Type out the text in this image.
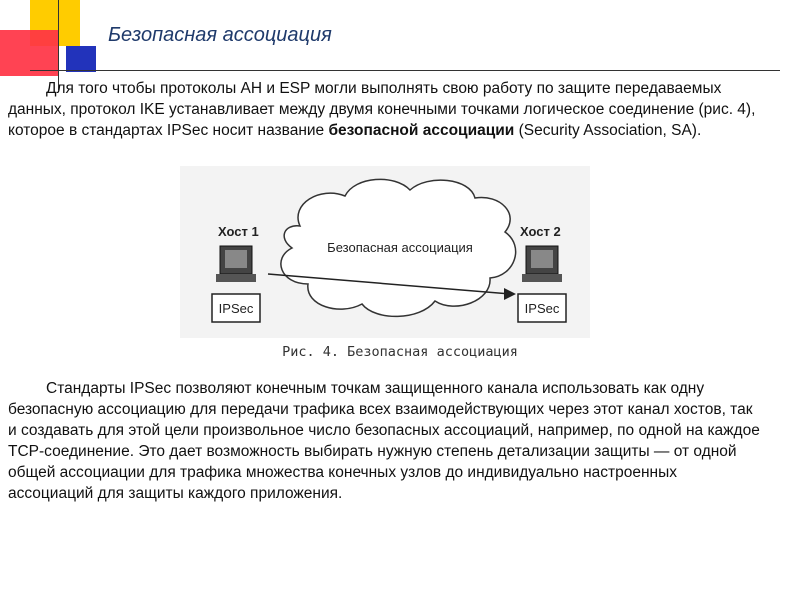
Безопасная ассоциация
Для того чтобы протоколы AH и ESP могли выполнять свою работу по защите передаваемых данных, протокол IKE устанавливает между двумя конечными точками логическое соединение (рис. 4), которое в стандартах IPSec носит название безопасной ассоциации (Security Association, SA).
Безопасная ассоциация
Хост 1
IPSec
Хост 2
IPSec
Рис. 4. Безопасная ассоциация
Стандарты IPSec позволяют конечным точкам защищенного канала использовать как одну безопасную ассоциацию для передачи трафика всех взаимодействующих через этот канал хостов, так и создавать для этой цели произвольное число безопасных ассоциаций, например, по одной на каждое TCP-соединение. Это дает возможность выбирать нужную степень детализации защиты — от одной общей ассоциации для трафика множества конечных узлов до индивидуально настроенных ассоциаций для защиты каждого приложения.
